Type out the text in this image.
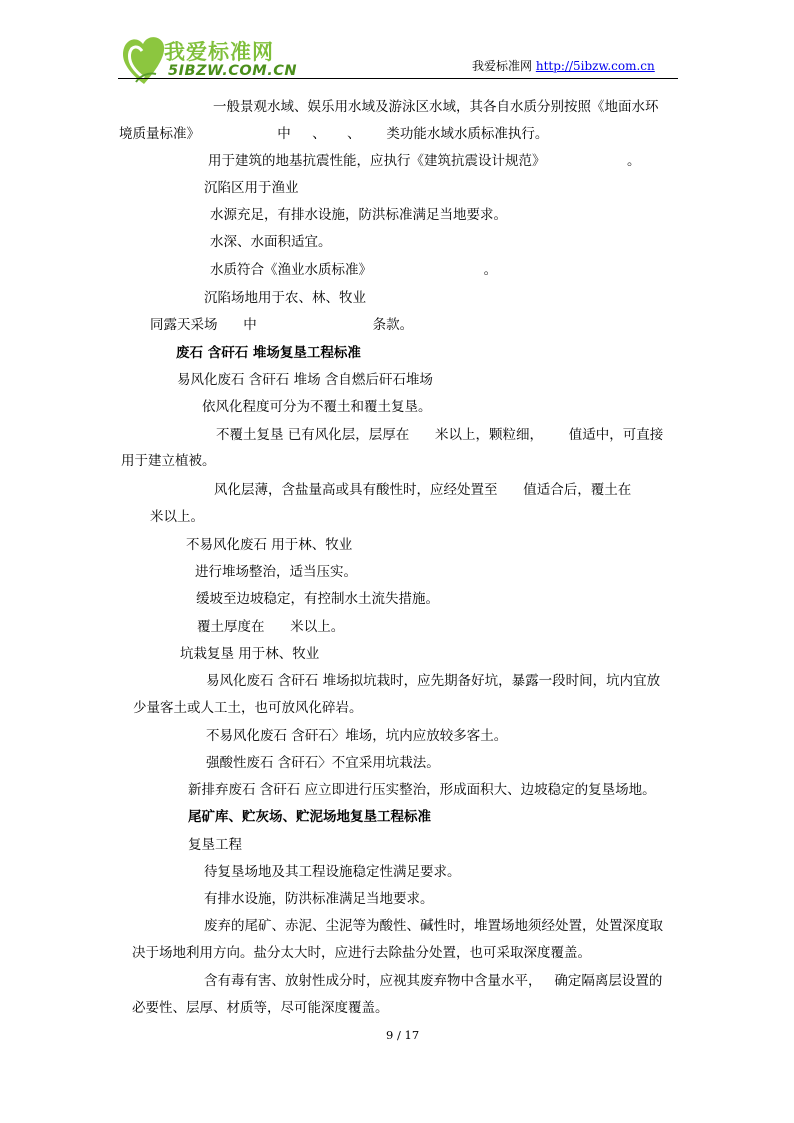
我爱标准网
5IBZW.COM.CN	我爱标准网 http://5ibzw.com.cn
一般景观水域、娱乐用水域及游泳区水域，其各自水质分别按照《地面水环
境质量标准》                  中     、     、      类功能水域水质标准执行。
用于建筑的地基抗震性能，应执行《建筑抗震设计规范》                   。
沉陷区用于渔业
水源充足，有排水设施，防洪标准满足当地要求。
水深、水面积适宜。
水质符合《渔业水质标准》                          。
沉陷场地用于农、林、牧业
同露天采场      中                           条款。
废石 含矸石 堆场复垦工程标准
易风化废石 含矸石 堆场 含自燃后矸石堆场
依风化程度可分为不覆土和覆土复垦。
不覆土复垦 已有风化层，层厚在      米以上，颗粒细，      值适中，可直接
用于建立植被。
风化层薄，含盐量高或具有酸性时，应经处置至      值适合后，覆土在
米以上。
不易风化废石 用于林、牧业
进行堆场整治，适当压实。
缓坡至边坡稳定，有控制水土流失措施。
覆土厚度在      米以上。
坑栽复垦 用于林、牧业
易风化废石 含矸石 堆场拟坑栽时，应先期备好坑，暴露一段时间，坑内宜放
少量客土或人工土，也可放风化碎岩。
不易风化废石 含矸石〉堆场，坑内应放较多客土。
强酸性废石 含矸石〉不宜采用坑栽法。
新排弃废石 含矸石 应立即进行压实整治，形成面积大、边坡稳定的复垦场地。
尾矿库、贮灰场、贮泥场地复垦工程标准
复垦工程
待复垦场地及其工程设施稳定性满足要求。
有排水设施，防洪标准满足当地要求。
废弃的尾矿、赤泥、尘泥等为酸性、碱性时，堆置场地须经处置，处置深度取
决于场地利用方向。盐分太大时，应进行去除盐分处置，也可采取深度覆盖。
含有毒有害、放射性成分时，应视其废弃物中含量水平，   确定隔离层设置的
必要性、层厚、材质等，尽可能深度覆盖。
9 / 17
